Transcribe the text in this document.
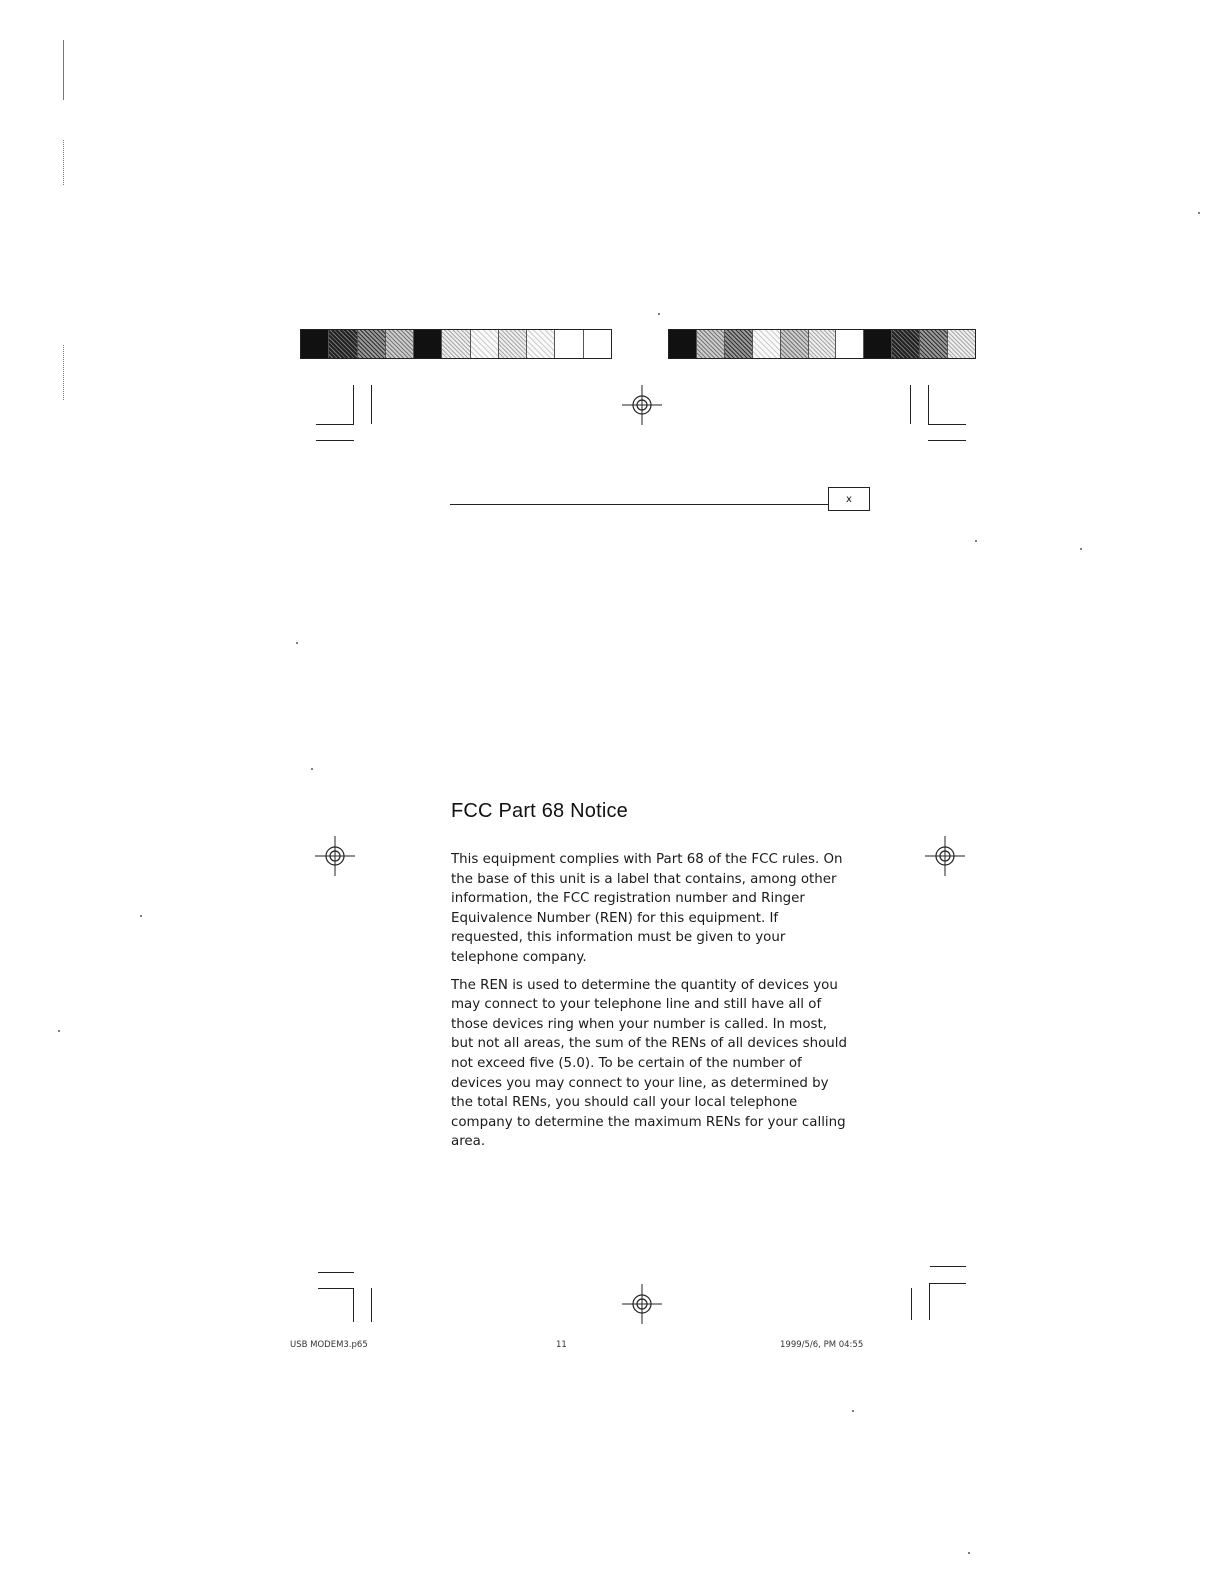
x
FCC Part 68 Notice

This equipment complies with Part 68 of the FCC rules. On the base of this unit is a label that contains, among other information, the FCC registration number and Ringer Equivalence Number (REN) for this equipment. If requested, this information must be given to your telephone company.

The REN is used to determine the quantity of devices you may connect to your telephone line and still have all of those devices ring when your number is called. In most, but not all areas, the sum of the RENs of all devices should not exceed five (5.0). To be certain of the number of devices you may connect to your line, as determined by the total RENs, you should call your local telephone company to determine the maximum RENs for your calling area.

USB MODEM3.p65	11	1999/5/6, PM 04:55
